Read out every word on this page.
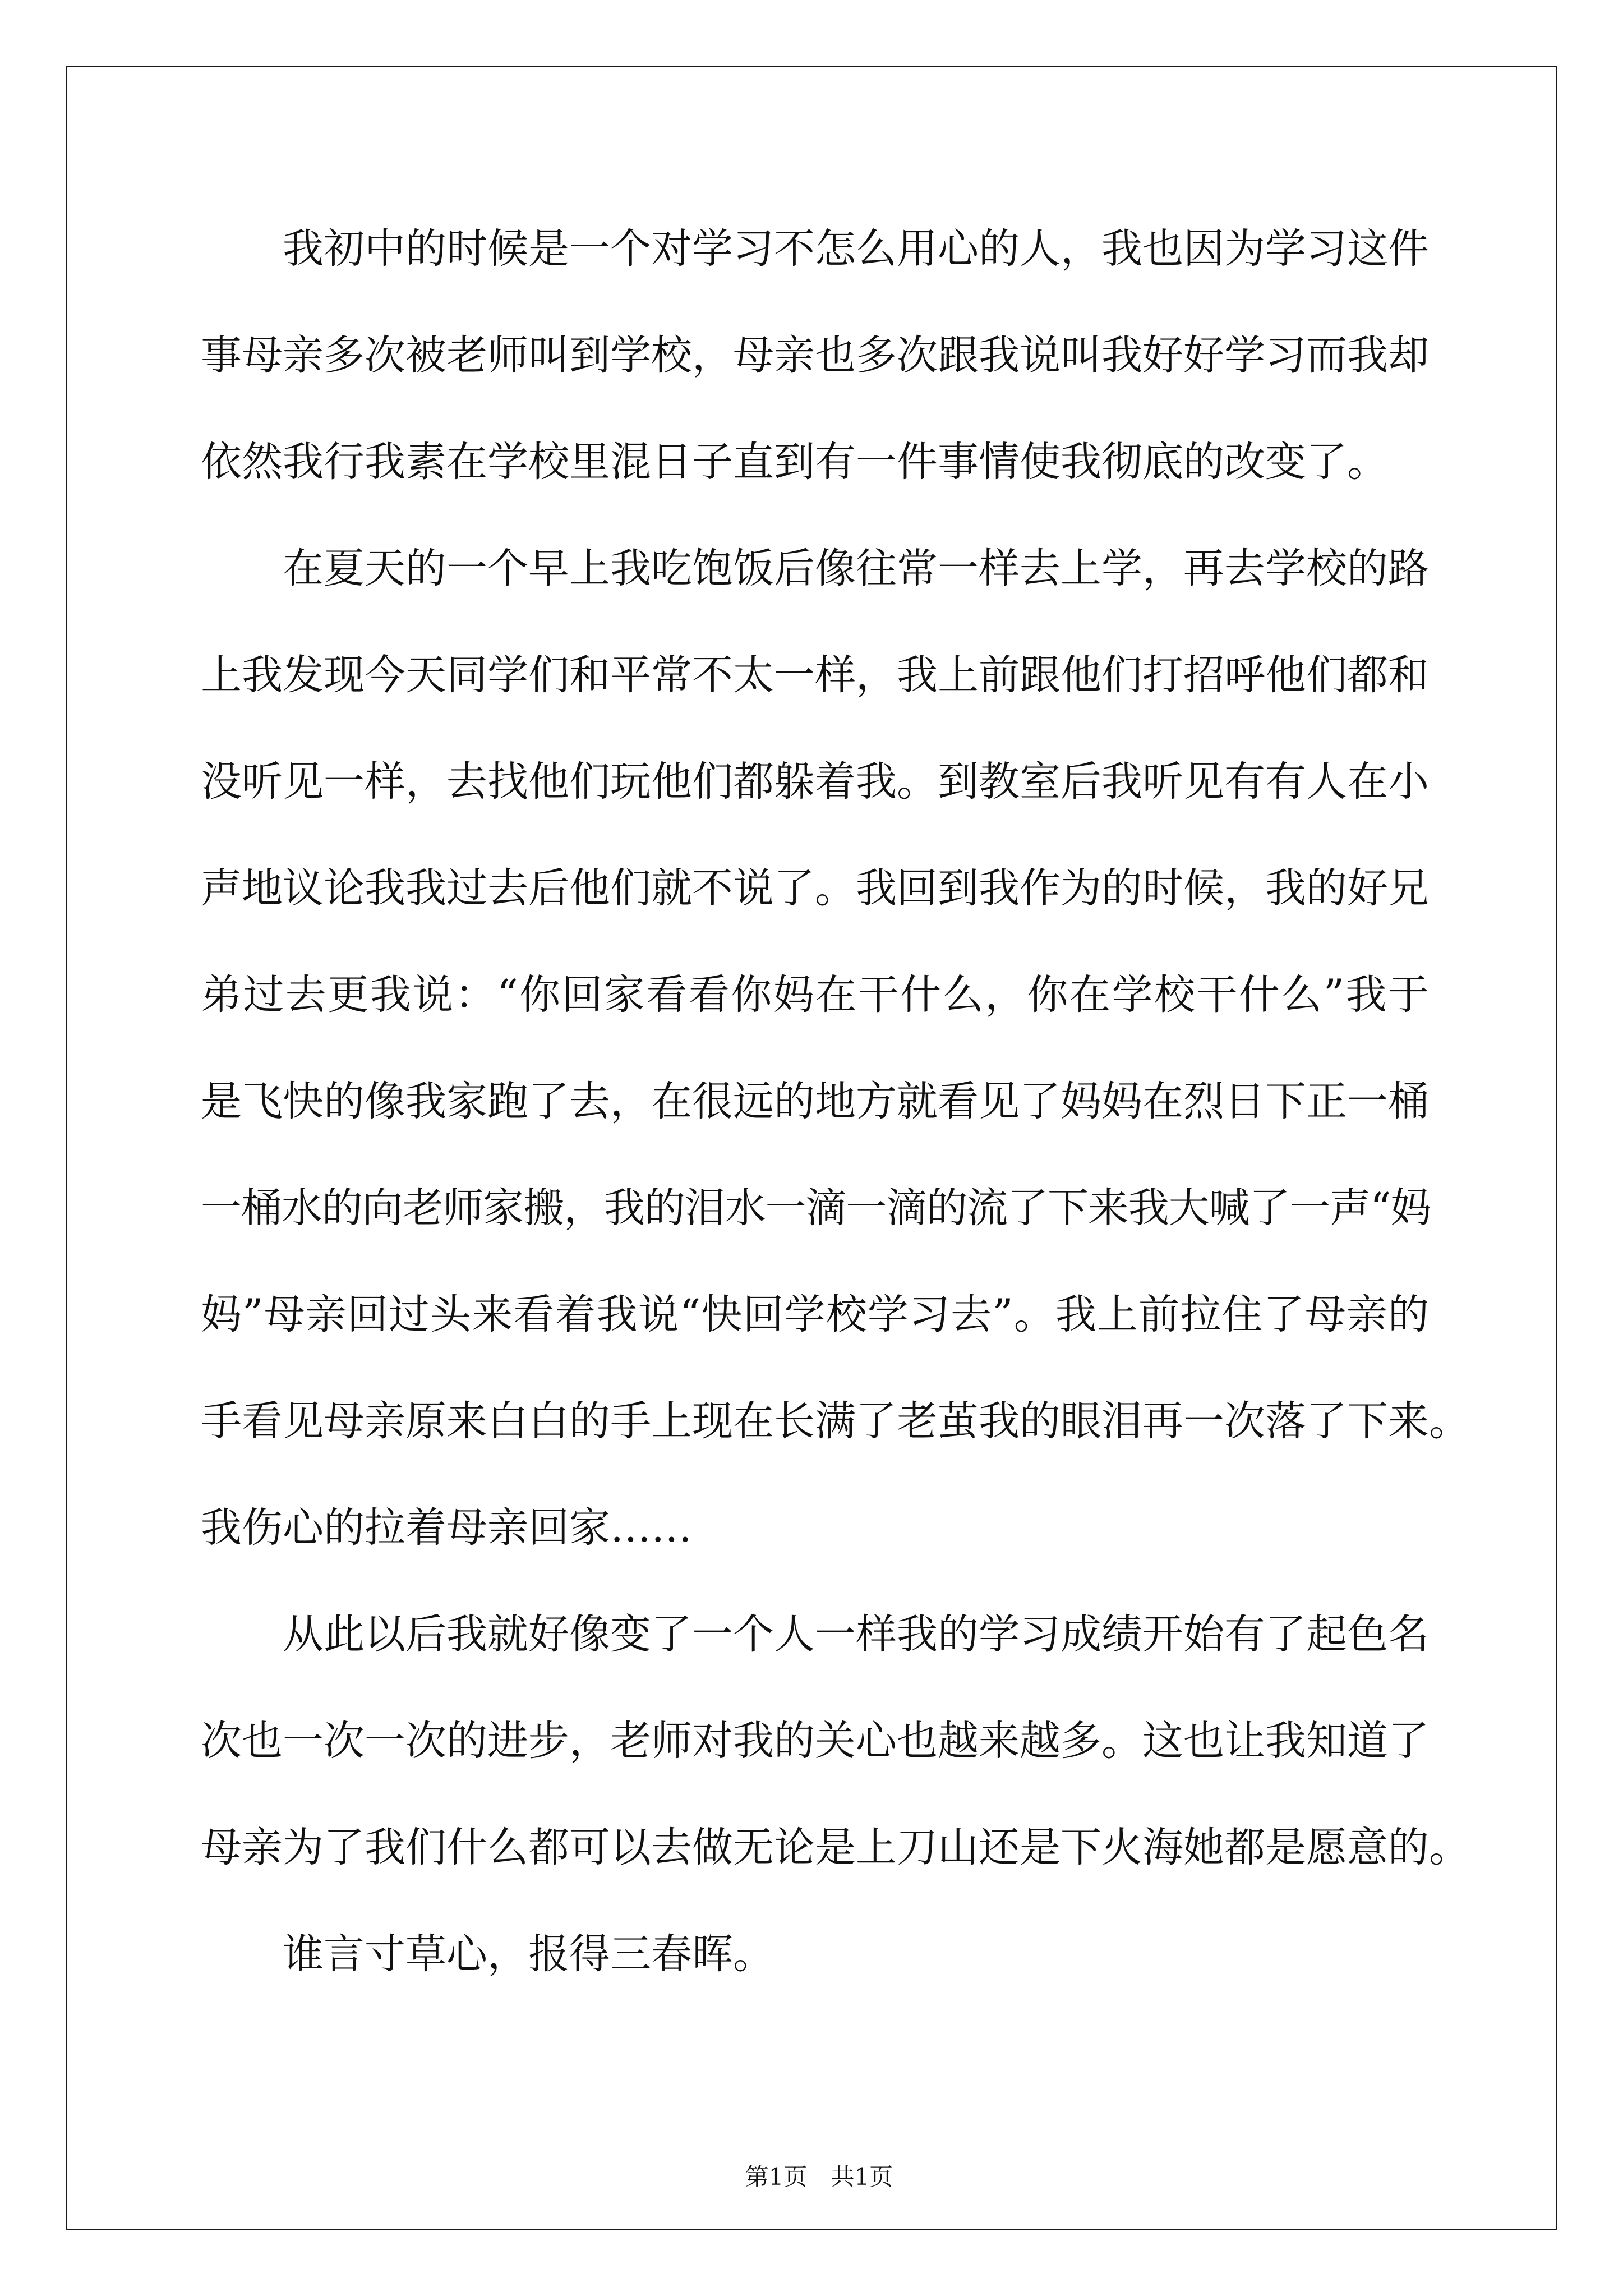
我初中的时候是一个对学习不怎么用心的人，我也因为学习这件
事母亲多次被老师叫到学校，母亲也多次跟我说叫我好好学习而我却
依然我行我素在学校里混日子直到有一件事情使我彻底的改变了。
在夏天的一个早上我吃饱饭后像往常一样去上学，再去学校的路
上我发现今天同学们和平常不太一样，我上前跟他们打招呼他们都和
没听见一样，去找他们玩他们都躲着我。到教室后我听见有有人在小
声地议论我我过去后他们就不说了。我回到我作为的时候，我的好兄
弟过去更我说：“你回家看看你妈在干什么，你在学校干什么”我于
是飞快的像我家跑了去，在很远的地方就看见了妈妈在烈日下正一桶
一桶水的向老师家搬，我的泪水一滴一滴的流了下来我大喊了一声“妈
妈”母亲回过头来看着我说“快回学校学习去”。我上前拉住了母亲的
手看见母亲原来白白的手上现在长满了老茧我的眼泪再一次落了下来。
我伤心的拉着母亲回家……
从此以后我就好像变了一个人一样我的学习成绩开始有了起色名
次也一次一次的进步，老师对我的关心也越来越多。这也让我知道了
母亲为了我们什么都可以去做无论是上刀山还是下火海她都是愿意的。
谁言寸草心，报得三春晖。

第1页　共1页
